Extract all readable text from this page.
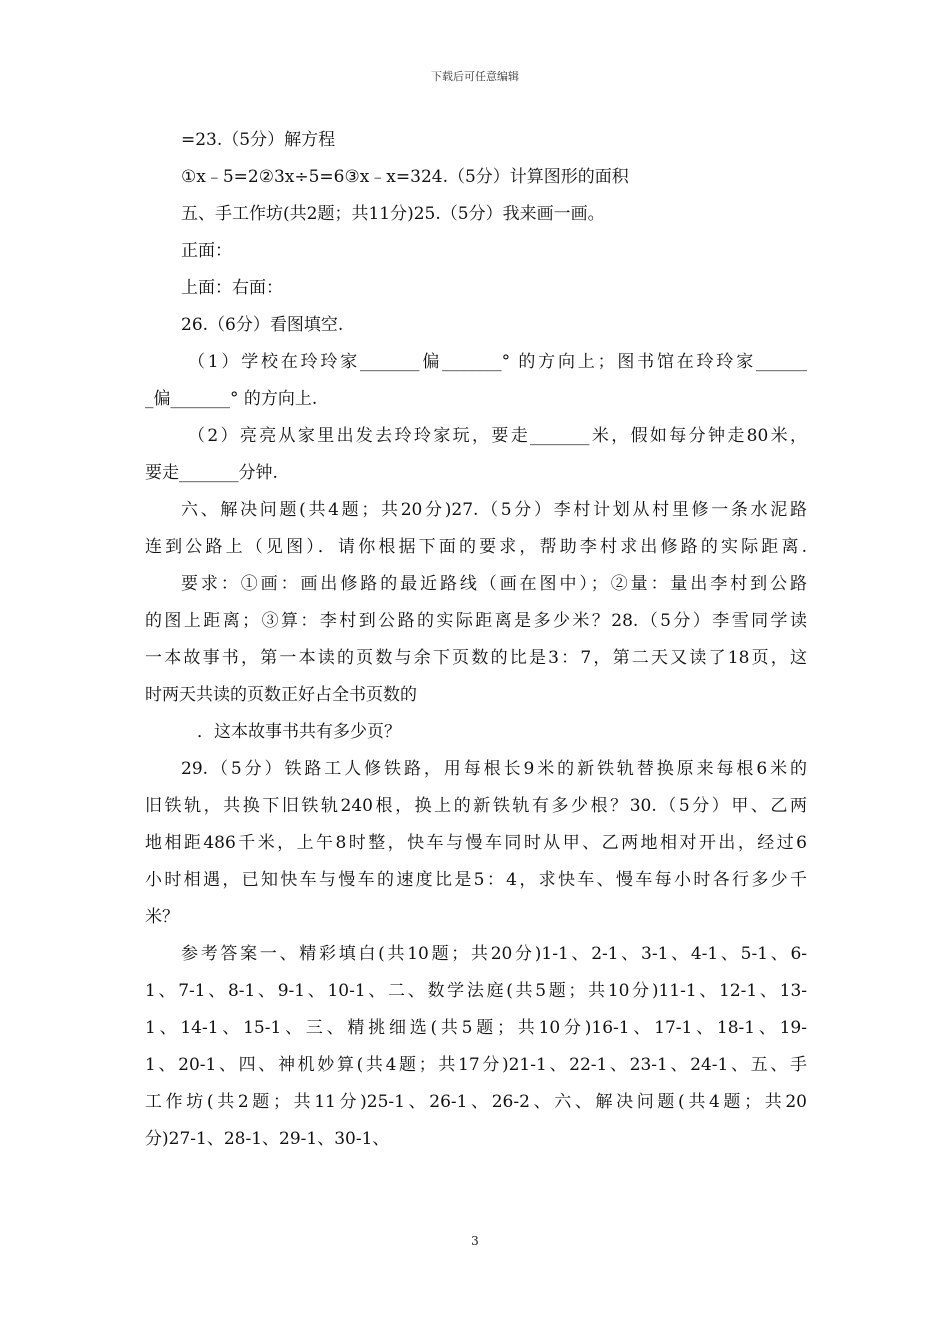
下载后可任意编辑
=23.（5分）解方程
①x﹣5=2②3x÷5=6③x﹣x=324.（5分）计算图形的面积
五、手工作坊(共2题；共11分)25.（5分）我来画一画。
正面：
上面：右面：
26.（6分）看图填空.
（1）学校在玲玲家_______偏_______° 的方向上；图书馆在玲玲家______
_偏_______° 的方向上.
（2）亮亮从家里出发去玲玲家玩，要走_______米，假如每分钟走80米，
要走_______分钟.
六、解决问题(共4题；共20分)27.（5分）李村计划从村里修一条水泥路
连到公路上（见图）．请你根据下面的要求，帮助李村求出修路的实际距离.
要求：①画：画出修路的最近路线（画在图中）；②量：量出李村到公路
的图上距离；③算：李村到公路的实际距离是多少米？28.（5分）李雪同学读
一本故事书，第一本读的页数与余下页数的比是3：7，第二天又读了18页，这
时两天共读的页数正好占全书页数的
．这本故事书共有多少页？
29.（5分）铁路工人修铁路，用每根长9米的新铁轨替换原来每根6米的
旧铁轨，共换下旧铁轨240根，换上的新铁轨有多少根？30.（5分）甲、乙两
地相距486千米，上午8时整，快车与慢车同时从甲、乙两地相对开出，经过6
小时相遇，已知快车与慢车的速度比是5：4，求快车、慢车每小时各行多少千
米？
参考答案一、精彩填白(共10题；共20分)1-1、2-1、3-1、4-1、5-1、6-
1、7-1、8-1、9-1、10-1、二、数学法庭(共5题；共10分)11-1、12-1、13-
1、14-1、15-1、三、精挑细选(共5题；共10分)16-1、17-1、18-1、19-
1、20-1、四、神机妙算(共4题；共17分)21-1、22-1、23-1、24-1、五、手
工作坊(共2题；共11分)25-1、26-1、26-2、六、解决问题(共4题；共20
分)27-1、28-1、29-1、30-1、
3
